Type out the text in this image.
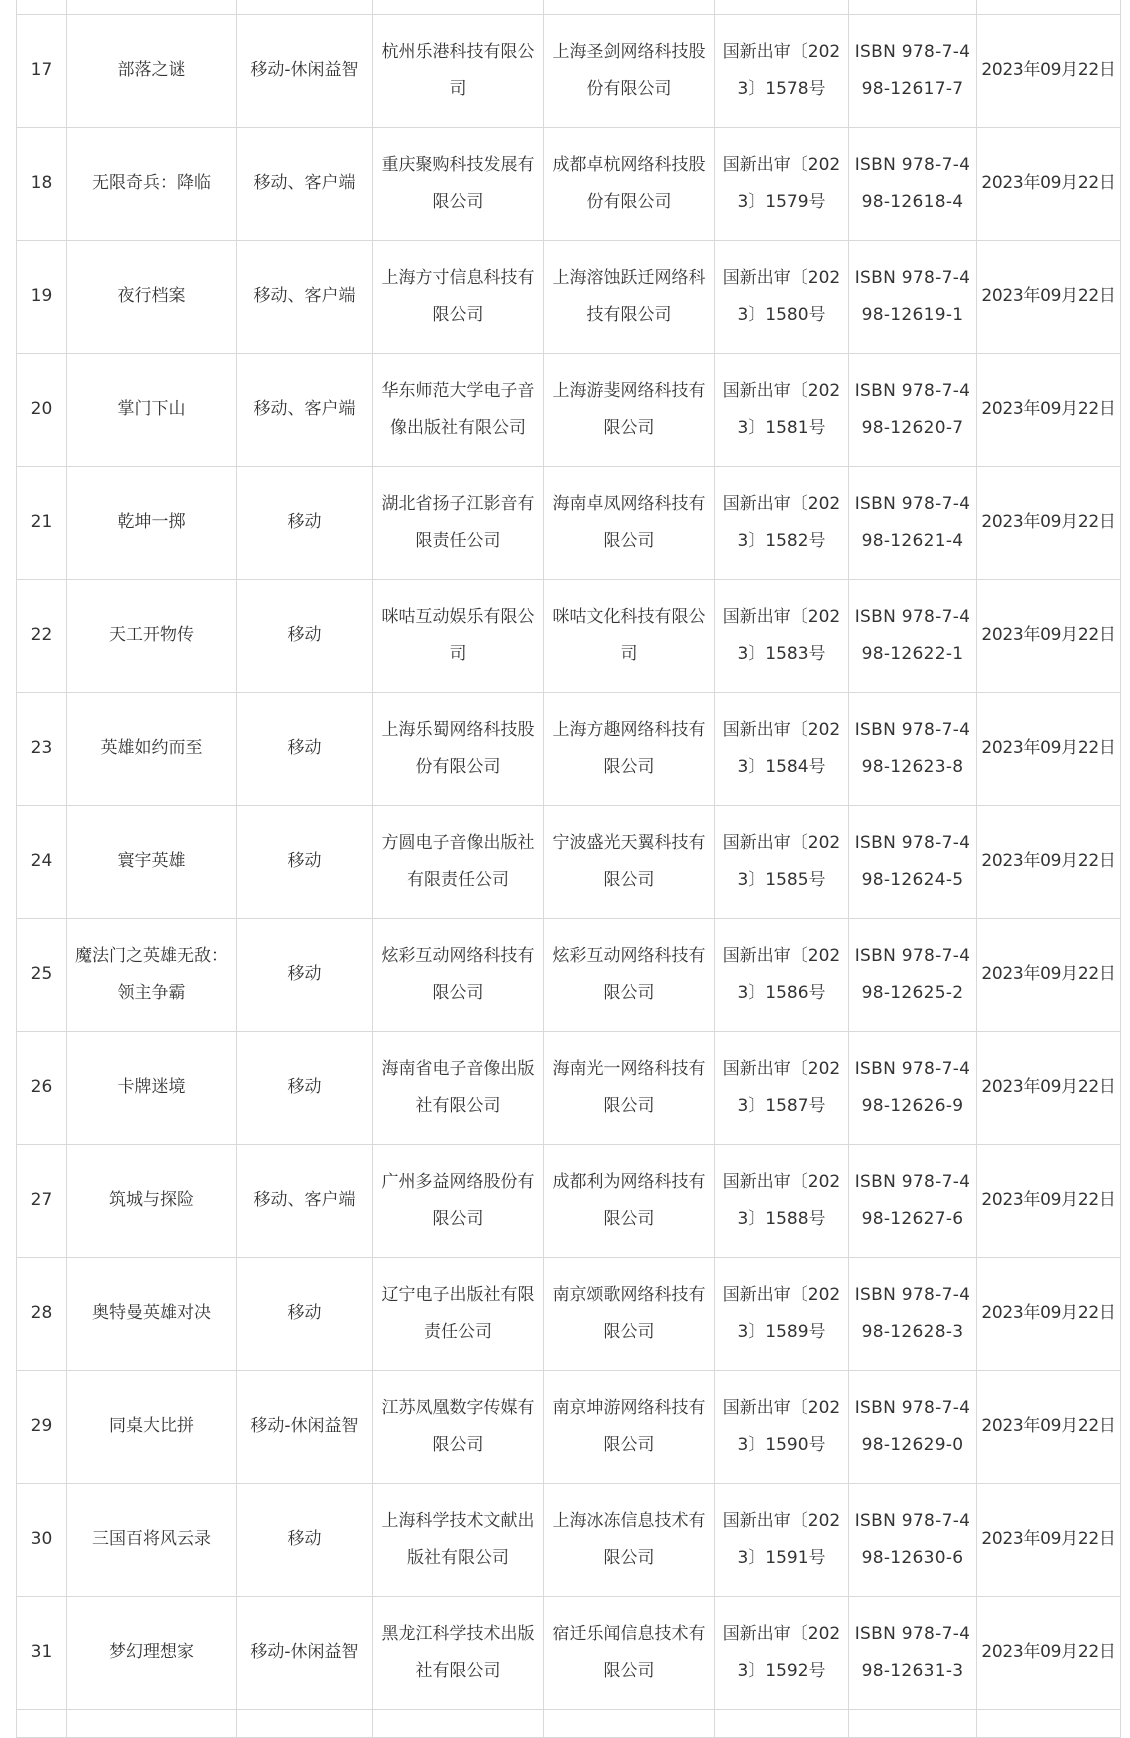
17	部落之谜	移动-休闲益智	杭州乐港科技有限公司	上海圣剑网络科技股份有限公司	国新出审〔2023〕1578号	ISBN 978-7-498-12617-7	2023年09月22日
18	无限奇兵：降临	移动、客户端	重庆聚购科技发展有限公司	成都卓杭网络科技股份有限公司	国新出审〔2023〕1579号	ISBN 978-7-498-12618-4	2023年09月22日
19	夜行档案	移动、客户端	上海方寸信息科技有限公司	上海溶蚀跃迁网络科技有限公司	国新出审〔2023〕1580号	ISBN 978-7-498-12619-1	2023年09月22日
20	掌门下山	移动、客户端	华东师范大学电子音像出版社有限公司	上海游斐网络科技有限公司	国新出审〔2023〕1581号	ISBN 978-7-498-12620-7	2023年09月22日
21	乾坤一掷	移动	湖北省扬子江影音有限责任公司	海南卓凤网络科技有限公司	国新出审〔2023〕1582号	ISBN 978-7-498-12621-4	2023年09月22日
22	天工开物传	移动	咪咕互动娱乐有限公司	咪咕文化科技有限公司	国新出审〔2023〕1583号	ISBN 978-7-498-12622-1	2023年09月22日
23	英雄如约而至	移动	上海乐蜀网络科技股份有限公司	上海方趣网络科技有限公司	国新出审〔2023〕1584号	ISBN 978-7-498-12623-8	2023年09月22日
24	寰宇英雄	移动	方圆电子音像出版社有限责任公司	宁波盛光天翼科技有限公司	国新出审〔2023〕1585号	ISBN 978-7-498-12624-5	2023年09月22日
25	魔法门之英雄无敌：领主争霸	移动	炫彩互动网络科技有限公司	炫彩互动网络科技有限公司	国新出审〔2023〕1586号	ISBN 978-7-498-12625-2	2023年09月22日
26	卡牌迷境	移动	海南省电子音像出版社有限公司	海南光一网络科技有限公司	国新出审〔2023〕1587号	ISBN 978-7-498-12626-9	2023年09月22日
27	筑城与探险	移动、客户端	广州多益网络股份有限公司	成都利为网络科技有限公司	国新出审〔2023〕1588号	ISBN 978-7-498-12627-6	2023年09月22日
28	奥特曼英雄对决	移动	辽宁电子出版社有限责任公司	南京颂歌网络科技有限公司	国新出审〔2023〕1589号	ISBN 978-7-498-12628-3	2023年09月22日
29	同桌大比拼	移动-休闲益智	江苏凤凰数字传媒有限公司	南京坤游网络科技有限公司	国新出审〔2023〕1590号	ISBN 978-7-498-12629-0	2023年09月22日
30	三国百将风云录	移动	上海科学技术文献出版社有限公司	上海冰冻信息技术有限公司	国新出审〔2023〕1591号	ISBN 978-7-498-12630-6	2023年09月22日
31	梦幻理想家	移动-休闲益智	黑龙江科学技术出版社有限公司	宿迁乐闻信息技术有限公司	国新出审〔2023〕1592号	ISBN 978-7-498-12631-3	2023年09月22日
